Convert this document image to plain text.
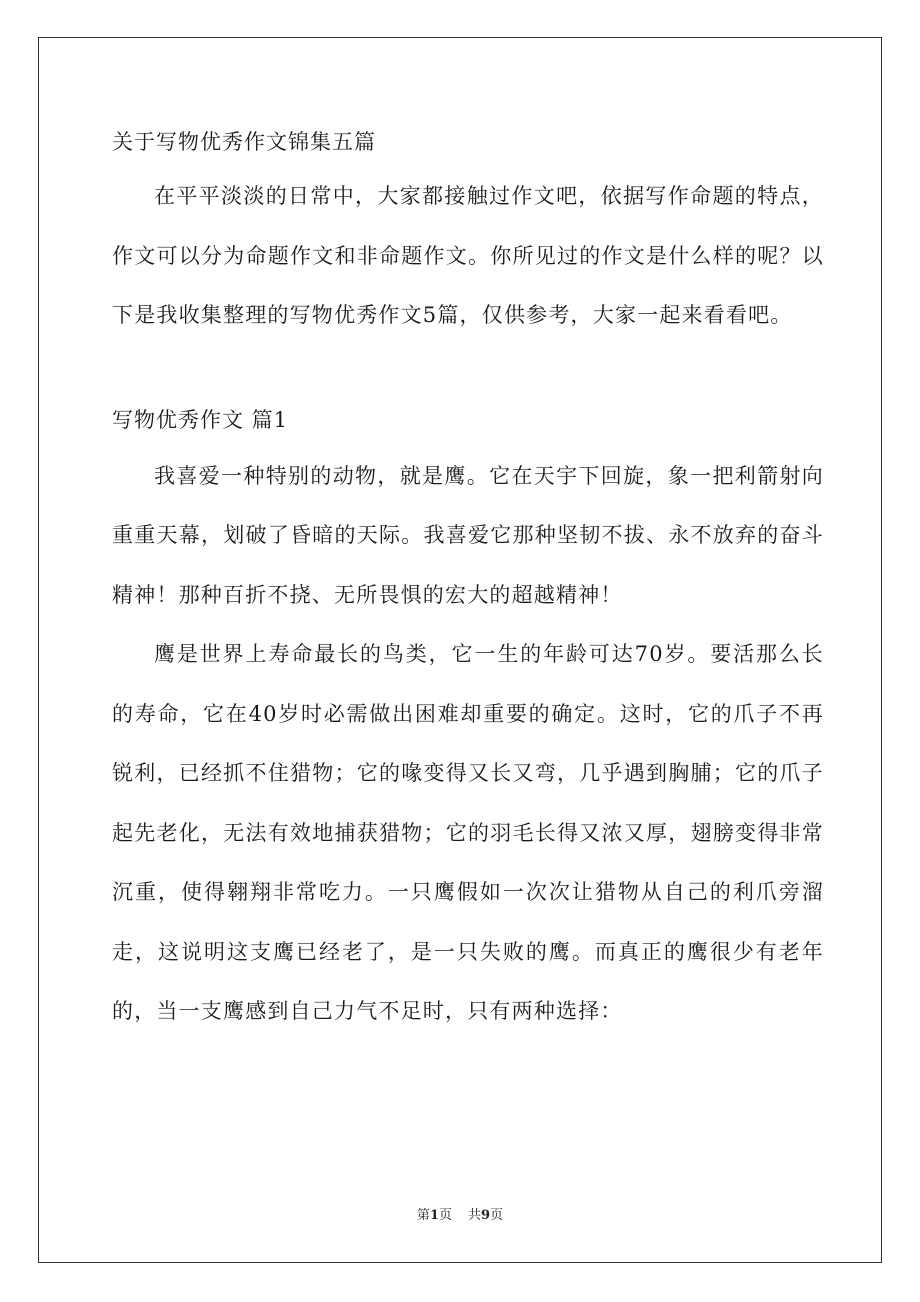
关于写物优秀作文锦集五篇

在平平淡淡的日常中，大家都接触过作文吧，依据写作命题的特点，作文可以分为命题作文和非命题作文。你所见过的作文是什么样的呢？以下是我收集整理的写物优秀作文5篇，仅供参考，大家一起来看看吧。

写物优秀作文 篇1

我喜爱一种特别的动物，就是鹰。它在天宇下回旋，象一把利箭射向重重天幕，划破了昏暗的天际。我喜爱它那种坚韧不拔、永不放弃的奋斗精神！那种百折不挠、无所畏惧的宏大的超越精神！

鹰是世界上寿命最长的鸟类，它一生的年龄可达70岁。要活那么长的寿命，它在40岁时必需做出困难却重要的确定。这时，它的爪子不再锐利，已经抓不住猎物；它的喙变得又长又弯，几乎遇到胸脯；它的爪子起先老化，无法有效地捕获猎物；它的羽毛长得又浓又厚，翅膀变得非常沉重，使得翱翔非常吃力。一只鹰假如一次次让猎物从自己的利爪旁溜走，这说明这支鹰已经老了，是一只失败的鹰。而真正的鹰很少有老年的，当一支鹰感到自己力气不足时，只有两种选择：

第1页 共9页
